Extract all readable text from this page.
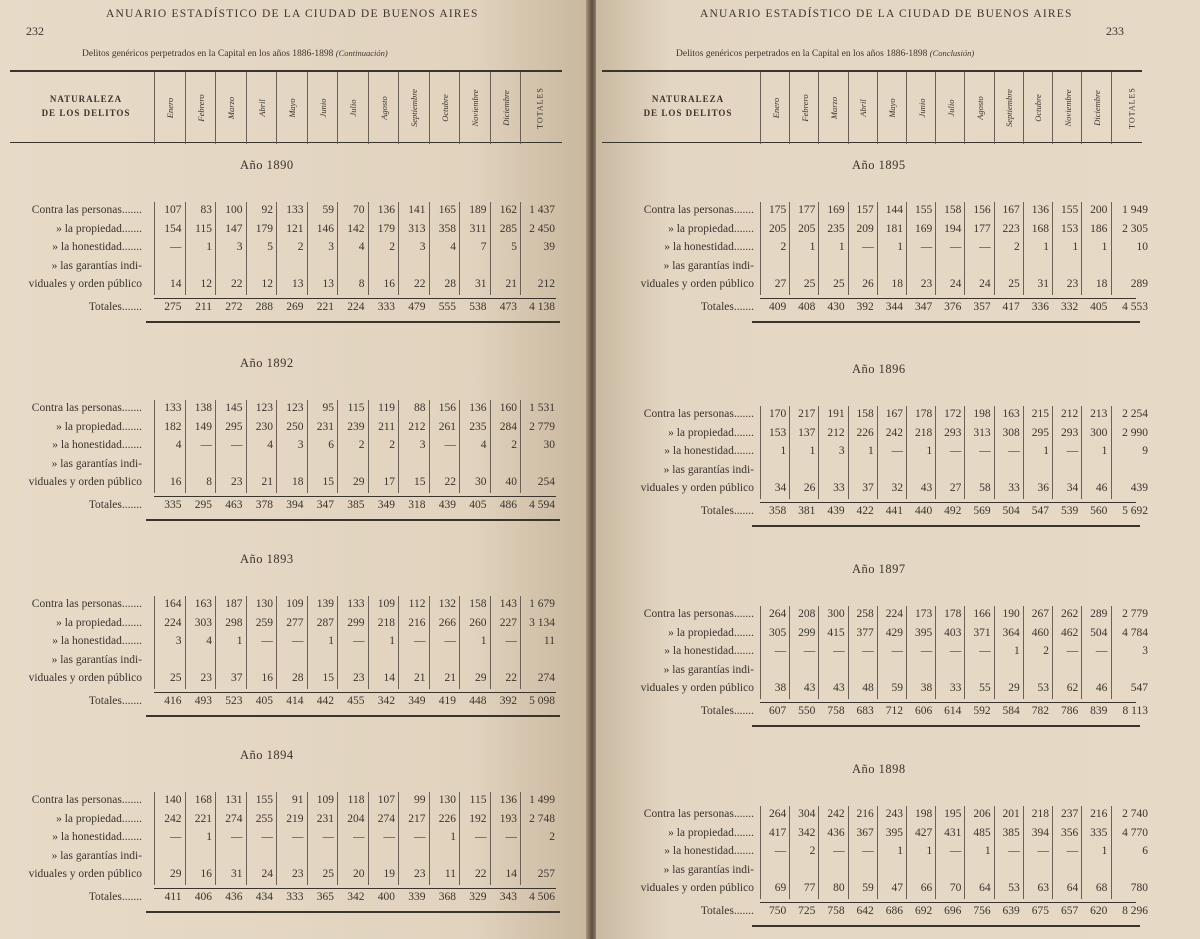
232
ANUARIO ESTADÍSTICO DE LA CIUDAD DE BUENOS AIRES
Delitos genéricos perpetrados en la Capital en los años 1886-1898 (Continuación)
NATURALEZA
DE LOS DELITOS	Enero Febrero Marzo Abril Mayo Junio Julio Agosto Septiembre Octubre Noviembre Diciembre	TOTALES
Año 1890
Contra las personas.......	107	83	100	92	133	59	70	136	141	165	189	162	1 437
» la propiedad.......	154	115	147	179	121	146	142	179	313	358	311	285	2 450
» la honestidad.......	—	1	3	5	2	3	4	2	3	4	7	5	39
» las garantías indi-
viduales y orden público	14	12	22	12	13	13	8	16	22	28	31	21	212
Totales.......	275	211	272	288	269	221	224	333	479	555	538	473	4 138
Año 1892
Contra las personas.......	133	138	145	123	123	95	115	119	88	156	136	160	1 531
» la propiedad.......	182	149	295	230	250	231	239	211	212	261	235	284	2 779
» la honestidad.......	4	—	—	4	3	6	2	2	3	—	4	2	30
» las garantías indi-
viduales y orden público	16	8	23	21	18	15	29	17	15	22	30	40	254
Totales.......	335	295	463	378	394	347	385	349	318	439	405	486	4 594
Año 1893
Contra las personas.......	164	163	187	130	109	139	133	109	112	132	158	143	1 679
» la propiedad.......	224	303	298	259	277	287	299	218	216	266	260	227	3 134
» la honestidad.......	3	4	1	—	—	1	—	1	—	—	1	—	11
» las garantías indi-
viduales y orden público	25	23	37	16	28	15	23	14	21	21	29	22	274
Totales.......	416	493	523	405	414	442	455	342	349	419	448	392	5 098
Año 1894
Contra las personas.......	140	168	131	155	91	109	118	107	99	130	115	136	1 499
» la propiedad.......	242	221	274	255	219	231	204	274	217	226	192	193	2 748
» la honestidad.......	—	1	—	—	—	—	—	—	—	1	—	—	2
» las garantías indi-
viduales y orden público	29	16	31	24	23	25	20	19	23	11	22	14	257
Totales.......	411	406	436	434	333	365	342	400	339	368	329	343	4 506
ANUARIO ESTADÍSTICO DE LA CIUDAD DE BUENOS AIRES
233
Delitos genéricos perpetrados en la Capital en los años 1886-1898 (Conclusión)
NATURALEZA
DE LOS DELITOS	Enero Febrero Marzo Abril Mayo Junio Julio Agosto Septiembre Octubre Noviembre Diciembre	TOTALES
Año 1895
Contra las personas.......	175	177	169	157	144	155	158	156	167	136	155	200	1 949
» la propiedad.......	205	205	235	209	181	169	194	177	223	168	153	186	2 305
» la honestidad.......	2	1	1	—	1	—	—	—	2	1	1	1	10
» las garantías indi-
viduales y orden público	27	25	25	26	18	23	24	24	25	31	23	18	289
Totales.......	409	408	430	392	344	347	376	357	417	336	332	405	4 553
Año 1896
Contra las personas.......	170	217	191	158	167	178	172	198	163	215	212	213	2 254
» la propiedad.......	153	137	212	226	242	218	293	313	308	295	293	300	2 990
» la honestidad.......	1	1	3	1	—	1	—	—	—	1	—	1	9
» las garantías indi-
viduales y orden público	34	26	33	37	32	43	27	58	33	36	34	46	439
Totales.......	358	381	439	422	441	440	492	569	504	547	539	560	5 692
Año 1897
Contra las personas.......	264	208	300	258	224	173	178	166	190	267	262	289	2 779
» la propiedad.......	305	299	415	377	429	395	403	371	364	460	462	504	4 784
» la honestidad.......	—	—	—	—	—	—	—	—	1	2	—	—	3
» las garantías indi-
viduales y orden público	38	43	43	48	59	38	33	55	29	53	62	46	547
Totales.......	607	550	758	683	712	606	614	592	584	782	786	839	8 113
Año 1898
Contra las personas.......	264	304	242	216	243	198	195	206	201	218	237	216	2 740
» la propiedad.......	417	342	436	367	395	427	431	485	385	394	356	335	4 770
» la honestidad.......	—	2	—	—	1	1	—	1	—	—	—	1	6
» las garantías indi-
viduales y orden público	69	77	80	59	47	66	70	64	53	63	64	68	780
Totales.......	750	725	758	642	686	692	696	756	639	675	657	620	8 296
